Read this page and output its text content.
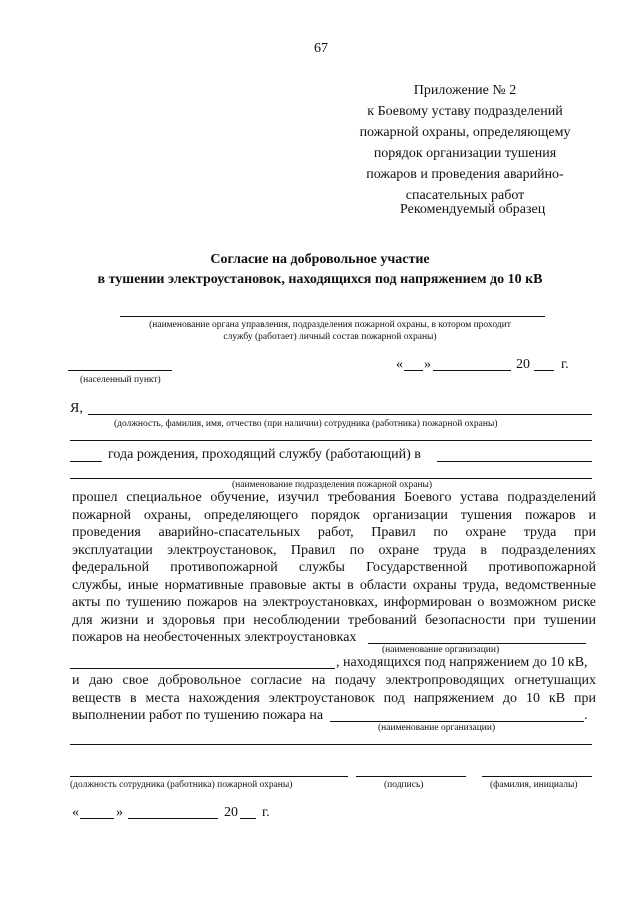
67
Приложение № 2
к Боевому уставу подразделений
пожарной охраны, определяющему
порядок организации тушения
пожаров и проведения аварийно-
спасательных работ
Рекомендуемый образец
Согласие на добровольное участие
в тушении электроустановок, находящихся под напряжением до 10 кВ
(наименование органа управления, подразделения пожарной охраны, в котором проходит
службу (работает) личный состав пожарной охраны)
(населенный пункт)
« »	20 г.
Я,
(должность, фамилия, имя, отчество (при наличии) сотрудника (работника) пожарной охраны)
года рождения, проходящий службу (работающий) в
(наименование подразделения пожарной охраны)
прошел специальное обучение, изучил требования Боевого устава подразделений
пожарной охраны, определяющего порядок организации тушения пожаров и
проведения аварийно-спасательных работ, Правил по охране труда при
эксплуатации электроустановок, Правил по охране труда в подразделениях
федеральной противопожарной службы Государственной противопожарной
службы, иные нормативные правовые акты в области охраны труда, ведомственные
акты по тушению пожаров на электроустановках, информирован о возможном риске
для жизни и здоровья при несоблюдении требований безопасности при тушении
пожаров на необесточенных электроустановках
(наименование организации)
, находящихся под напряжением до 10 кВ,
и даю свое добровольное согласие на подачу электропроводящих огнетушащих
веществ в места нахождения электроустановок под напряжением до 10 кВ при
выполнении работ по тушению пожара на	.
(наименование организации)
(должность сотрудника (работника) пожарной охраны)	(подпись)	(фамилия, инициалы)
«	»	20 г.
